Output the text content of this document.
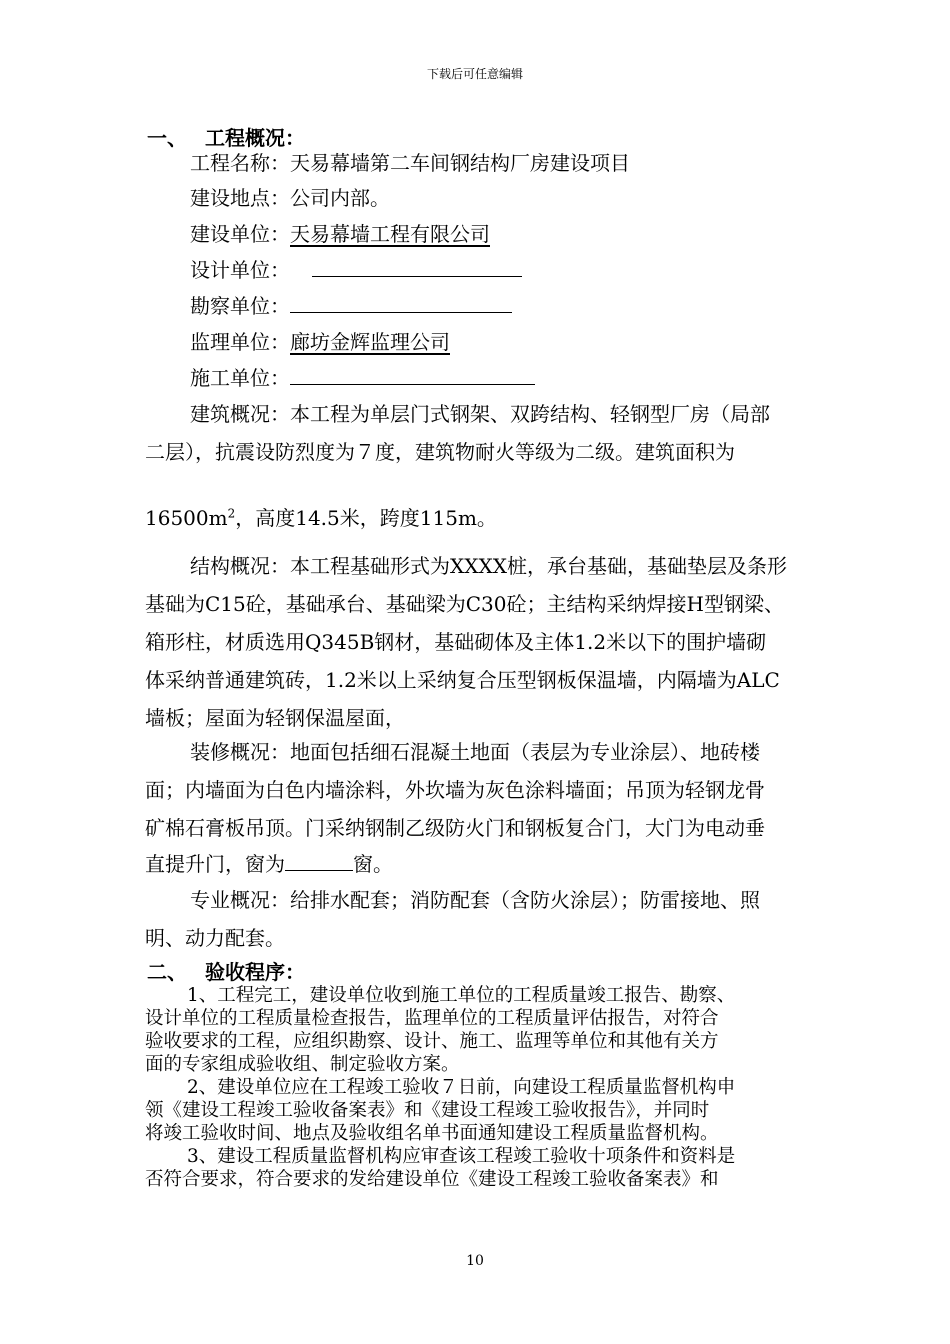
下载后可任意编辑
一、 工程概况：
工程名称：天易幕墙第二车间钢结构厂房建设项目
建设地点：公司内部。
建设单位：天易幕墙工程有限公司
设计单位：
勘察单位：
监理单位：廊坊金辉监理公司
施工单位：
建筑概况：本工程为单层门式钢架、双跨结构、轻钢型厂房（局部
二层），抗震设防烈度为７度，建筑物耐火等级为二级。建筑面积为
$16500m^2$，高度14.5米，跨度115m。
结构概况：本工程基础形式为XXXX桩，承台基础，基础垫层及条形
基础为C15砼，基础承台、基础梁为C30砼；主结构采纳焊接H型钢梁、
箱形柱，材质选用Q345B钢材，基础砌体及主体1.2米以下的围护墙砌
体采纳普通建筑砖，1.2米以上采纳复合压型钢板保温墙，内隔墙为ALC
墙板；屋面为轻钢保温屋面，
装修概况：地面包括细石混凝土地面（表层为专业涂层）、地砖楼
面；内墙面为白色内墙涂料，外坎墙为灰色涂料墙面；吊顶为轻钢龙骨
矿棉石膏板吊顶。门采纳钢制乙级防火门和钢板复合门，大门为电动垂
直提升门，窗为	窗。
专业概况：给排水配套；消防配套（含防火涂层）；防雷接地、照
明、动力配套。
二、 验收程序：
1、工程完工，建设单位收到施工单位的工程质量竣工报告、勘察、
设计单位的工程质量检查报告，监理单位的工程质量评估报告，对符合
验收要求的工程，应组织勘察、设计、施工、监理等单位和其他有关方
面的专家组成验收组、制定验收方案。
2、建设单位应在工程竣工验收７日前，向建设工程质量监督机构申
领《建设工程竣工验收备案表》和《建设工程竣工验收报告》，并同时
将竣工验收时间、地点及验收组名单书面通知建设工程质量监督机构。
3、建设工程质量监督机构应审查该工程竣工验收十项条件和资料是
否符合要求，符合要求的发给建设单位《建设工程竣工验收备案表》和
10
